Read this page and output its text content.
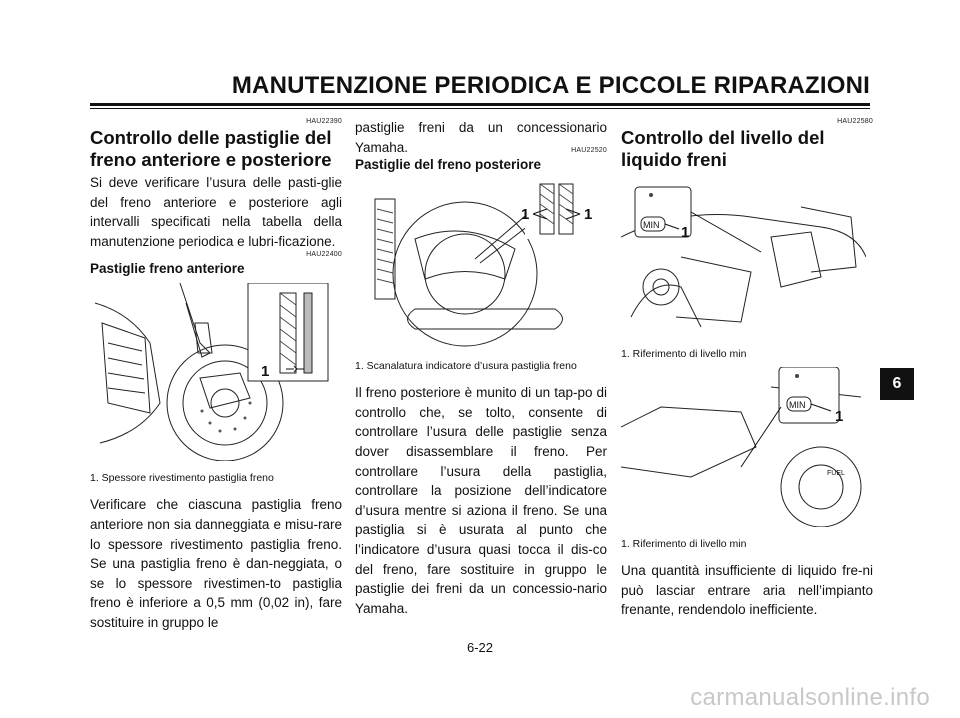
MANUTENZIONE PERIODICA E PICCOLE RIPARAZIONI
HAU22390
Controllo delle pastiglie del freno anteriore e posteriore

Si deve verificare l’usura delle pasti-glie del freno anteriore e posteriore agli intervalli specificati nella tabella della manutenzione periodica e lubri-ficazione.

HAU22400
Pastiglie freno anteriore
1

1. Spessore rivestimento pastiglia freno

Verificare che ciascuna pastiglia freno anteriore non sia danneggiata e misu-rare lo spessore rivestimento pastiglia freno. Se una pastiglia freno è dan-neggiata, o se lo spessore rivestimen-to pastiglia freno è inferiore a 0,5 mm (0,02 in), fare sostituire in gruppo le

pastiglie freni da un concessionario Yamaha.	HAU22520
Pastiglie del freno posteriore
1	1

1. Scanalatura indicatore d’usura pastiglia freno

Il freno posteriore è munito di un tap-po di controllo che, se tolto, consente di controllare l’usura delle pastiglie senza dover disassemblare il freno. Per controllare l’usura della pastiglia, controllare la posizione dell’indicatore d’usura mentre si aziona il freno. Se una pastiglia si è usurata al punto che l’indicatore d’usura quasi tocca il dis-co del freno, fare sostituire in gruppo le pastiglie dei freni da un concessio-nario Yamaha.

HAU22580
Controllo del livello del liquido freni
MIN 1

1. Riferimento di livello min

FUEL
MIN
1

1. Riferimento di livello min

Una quantità insufficiente di liquido fre-ni può lasciar entrare aria nell’impianto frenante, rendendolo inefficiente.

6-22
6
carmanualsonline.info
